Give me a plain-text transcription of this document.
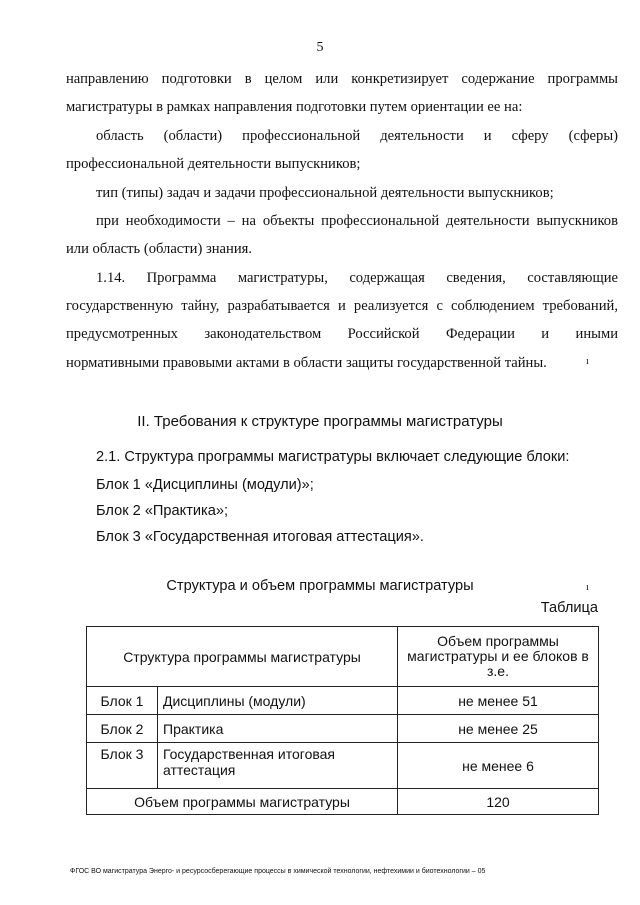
5
направлению подготовки в целом или конкретизирует содержание программы
магистратуры в рамках направления подготовки путем ориентации ее на:
область (области) профессиональной деятельности и сферу (сферы)
профессиональной деятельности выпускников;
тип (типы) задач и задачи профессиональной деятельности выпускников;
при необходимости – на объекты профессиональной деятельности выпускников
или область (области) знания.
1.14. Программа магистратуры, содержащая сведения, составляющие
государственную тайну, разрабатывается и реализуется с соблюдением требований,
предусмотренных законодательством Российской Федерации и иными
нормативными правовыми актами в области защиты государственной тайны.	ı
II. Требования к структуре программы магистратуры
2.1. Структура программы магистратуры включает следующие блоки:
Блок 1 «Дисциплины (модули)»;
Блок 2 «Практика»;
Блок 3 «Государственная итоговая аттестация».
Структура и объем программы магистратуры	ı
Таблица
Структура программы магистратуры		Объем программы магистратуры и ее блоков в з.е.
Блок 1	Дисциплины (модули)	не менее 51
Блок 2	Практика	не менее 25
Блок 3	Государственная итоговая аттестация	не менее 6
Объем программы магистратуры		120
ФГОС ВО магистратура Энерго- и ресурсосберегающие процессы в химической технологии, нефтехимии и биотехнологии – 05
